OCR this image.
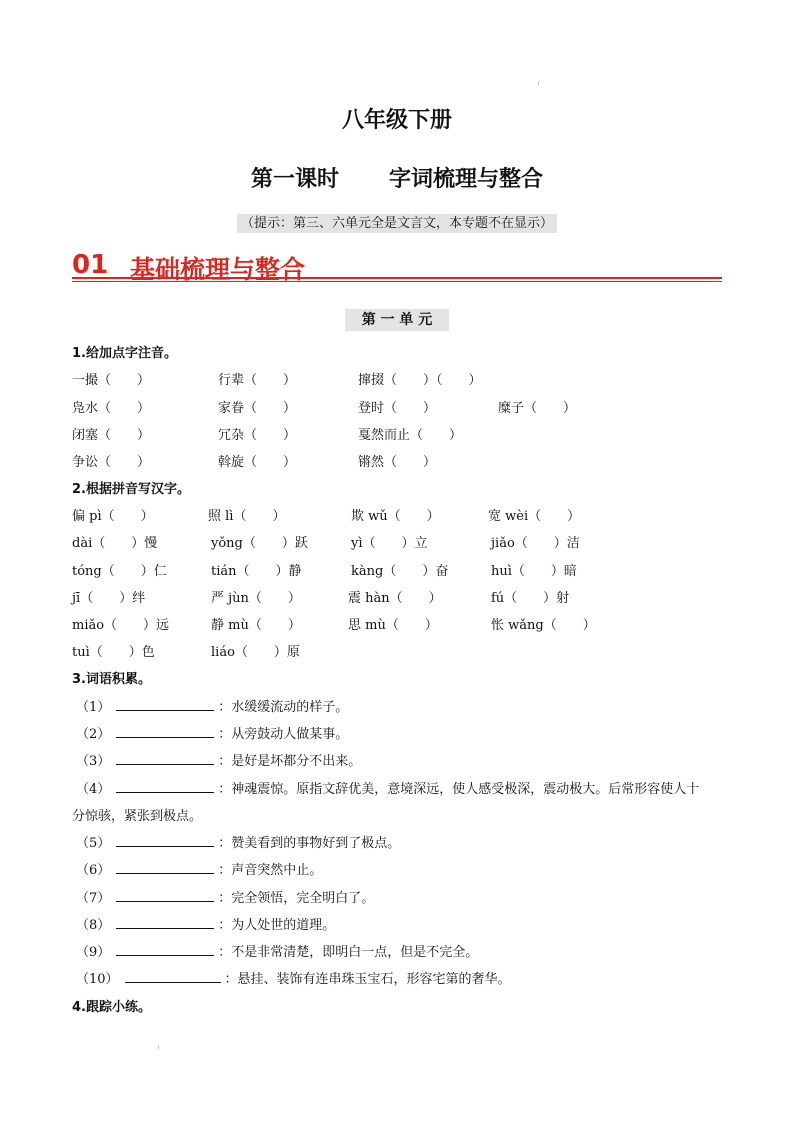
八年级下册
第一课时 字词梳理与整合
（提示：第三、六单元全是文言文，本专题不在显示）
01 基础梳理与整合
第 一 单 元
1.给加点字注音。
一撮（　　）	行辈（　　）	撺掇（　　）（　　）
凫水（　　）	家眷（　　）	登时（　　）	糜子（　　）
闭塞（　　）	冗杂（　　）	戛然而止（　　）
争讼（　　）	斡旋（　　）	锵然（　　）
2.根据拼音写汉字。
偏 pì（　　）	照 lì（　　）	欺 wǔ（　　）	宽 wèi（　　）
dài（　　）慢	yǒng（　　）跃	yì（　　）立	jiǎo（　　）洁
tóng（　　）仁	tián（　　）静	kàng（　　）奋	huì（　　）暗
jī（　　）绊	严 jùn（　　）	震 hàn（　　）	fú（　　）射
miǎo（　　）远	静 mù（　　）	思 mù（　　）	怅 wǎng（　　）
tuì（　　）色	liáo（　　）原
3.词语积累。
（1）	：水缓缓流动的样子。
（2）	：从旁鼓动人做某事。
（3）	：是好是坏都分不出来。
（4）	：神魂震惊。原指文辞优美，意境深远，使人感受极深，震动极大。后常形容使人十
分惊骇，紧张到极点。
（5）	：赞美看到的事物好到了极点。
（6）	：声音突然中止。
（7）	：完全领悟，完全明白了。
（8）	：为人处世的道理。
（9）	：不是非常清楚，即明白一点，但是不完全。
（10）	：悬挂、装饰有连串珠玉宝石，形容宅第的奢华。
4.跟踪小练。
